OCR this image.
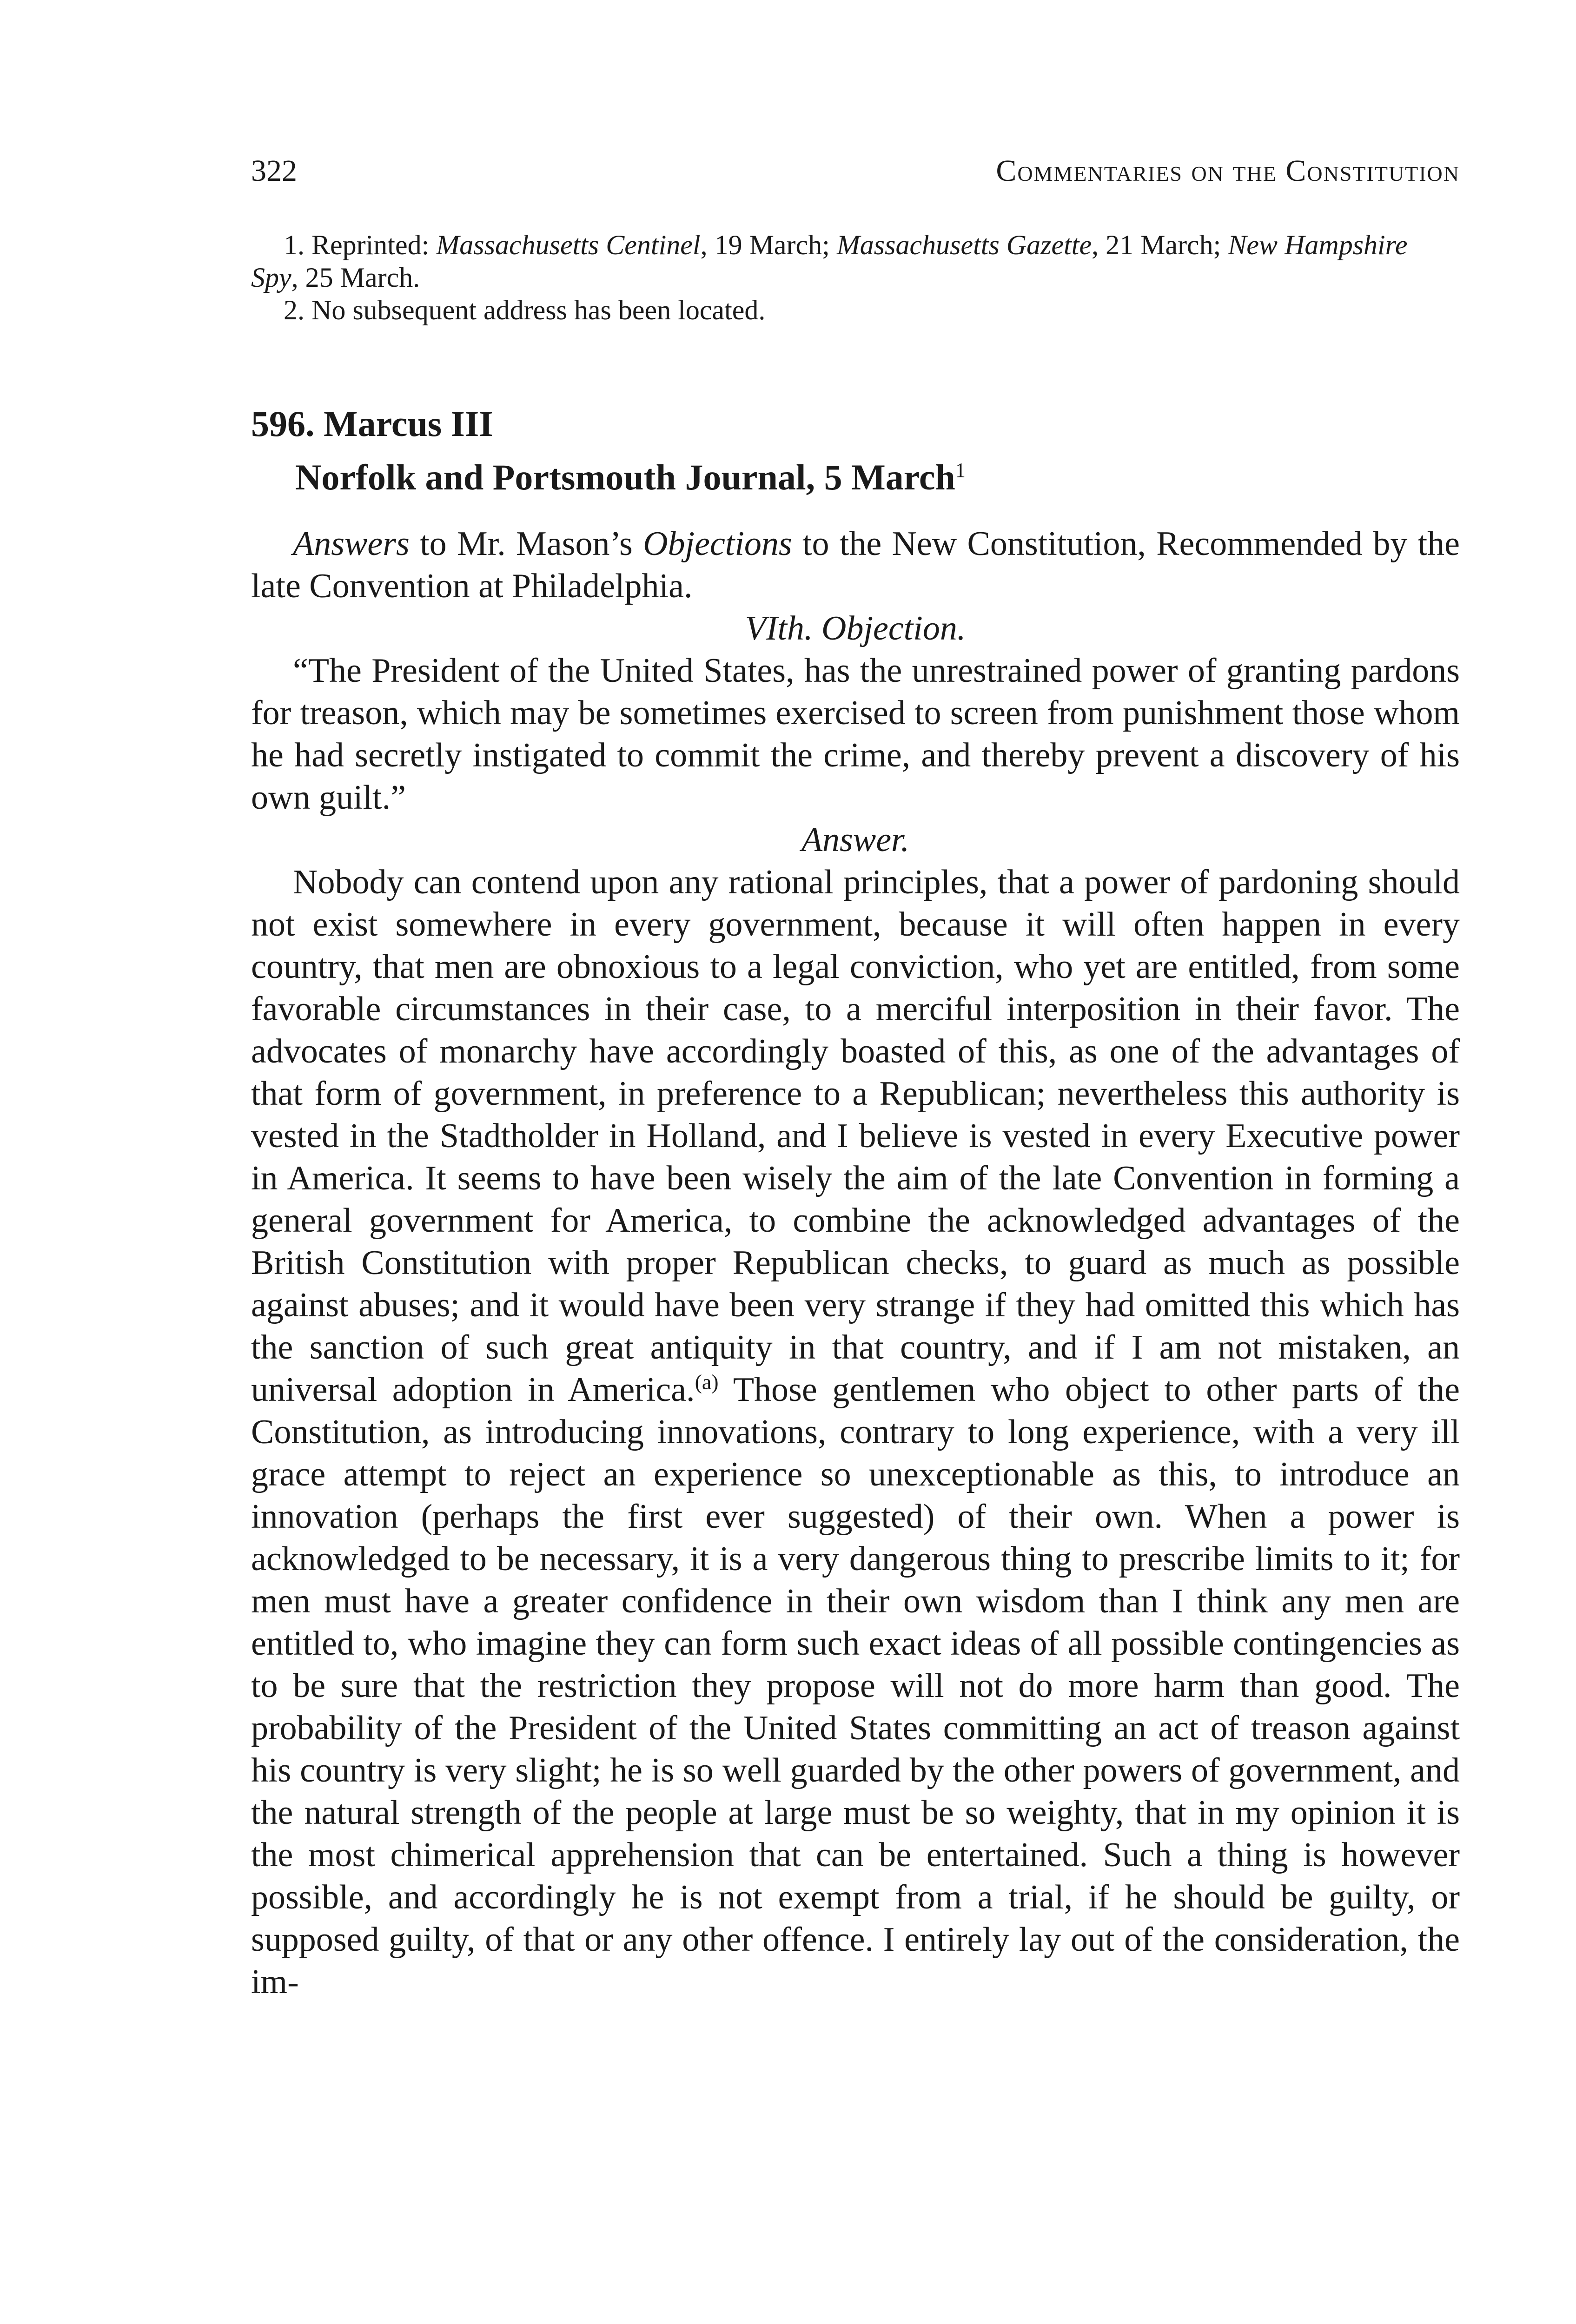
322	Commentaries on the Constitution

1. Reprinted: Massachusetts Centinel, 19 March; Massachusetts Gazette, 21 March; New Hampshire Spy, 25 March.

2. No subsequent address has been located.

596. Marcus III
Norfolk and Portsmouth Journal, 5 March$^1$

Answers to Mr. Mason’s Objections to the New Constitution, Recommended by the late Convention at Philadelphia.

VIth. Objection.

“The President of the United States, has the unrestrained power of granting pardons for treason, which may be sometimes exercised to screen from punishment those whom he had secretly instigated to commit the crime, and thereby prevent a discovery of his own guilt.”

Answer.

Nobody can contend upon any rational principles, that a power of pardoning should not exist somewhere in every government, because it will often happen in every country, that men are obnoxious to a legal conviction, who yet are entitled, from some favorable circumstances in their case, to a merciful interposition in their favor. The advocates of monarchy have accordingly boasted of this, as one of the advantages of that form of government, in preference to a Republican; nevertheless this authority is vested in the Stadtholder in Holland, and I believe is vested in every Executive power in America. It seems to have been wisely the aim of the late Convention in forming a general government for America, to combine the acknowledged advantages of the British Constitution with proper Republican checks, to guard as much as possible against abuses; and it would have been very strange if they had omitted this which has the sanction of such great antiquity in that country, and if I am not mistaken, an universal adoption in America.$^{(a)}$ Those gentlemen who object to other parts of the Constitution, as introducing innovations, contrary to long experience, with a very ill grace attempt to reject an experience so unexceptionable as this, to introduce an innovation (perhaps the first ever suggested) of their own. When a power is acknowledged to be necessary, it is a very dangerous thing to prescribe limits to it; for men must have a greater confidence in their own wisdom than I think any men are entitled to, who imagine they can form such exact ideas of all possible contingencies as to be sure that the restriction they propose will not do more harm than good. The probability of the President of the United States committing an act of treason against his country is very slight; he is so well guarded by the other powers of government, and the natural strength of the people at large must be so weighty, that in my opinion it is the most chimerical apprehension that can be entertained. Such a thing is however possible, and accordingly he is not exempt from a trial, if he should be guilty, or supposed guilty, of that or any other offence. I entirely lay out of the consideration, the im-
